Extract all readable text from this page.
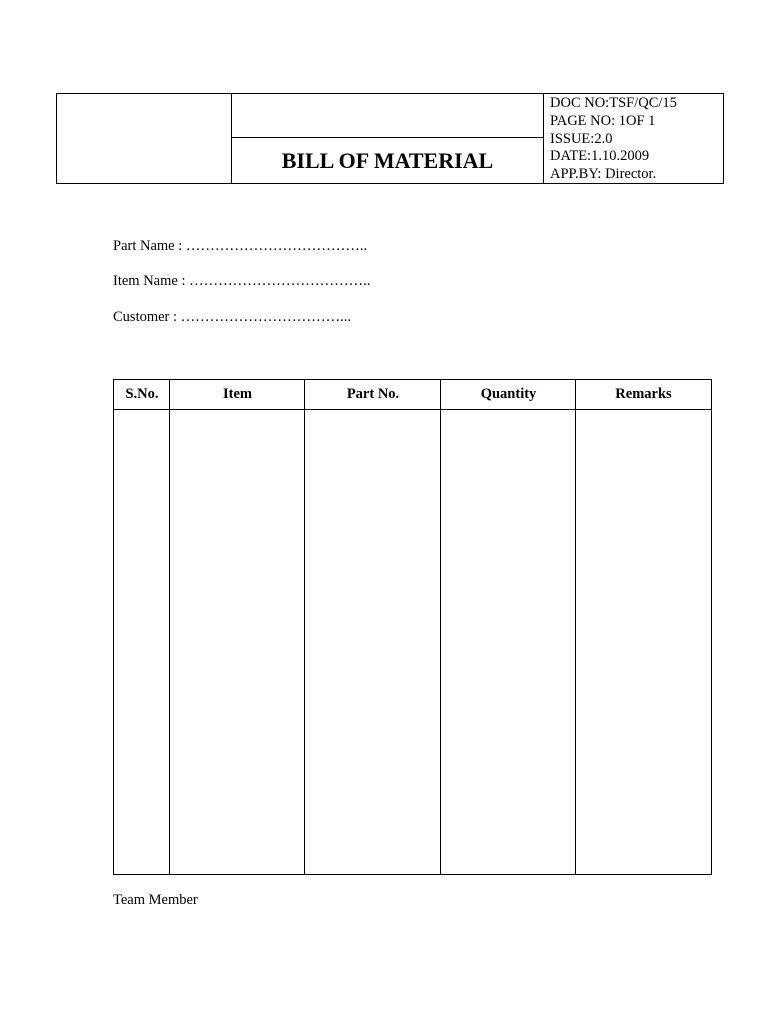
BILL OF MATERIAL
DOC NO:TSF/QC/15
PAGE NO: 1OF 1
ISSUE:2.0
DATE:1.10.2009
APP.BY: Director.
Part Name : ………………………………..
Item Name : ………………………………..
Customer : ……………………………...
S.No.	Item	Part No.	Quantity	Remarks
Team Member
